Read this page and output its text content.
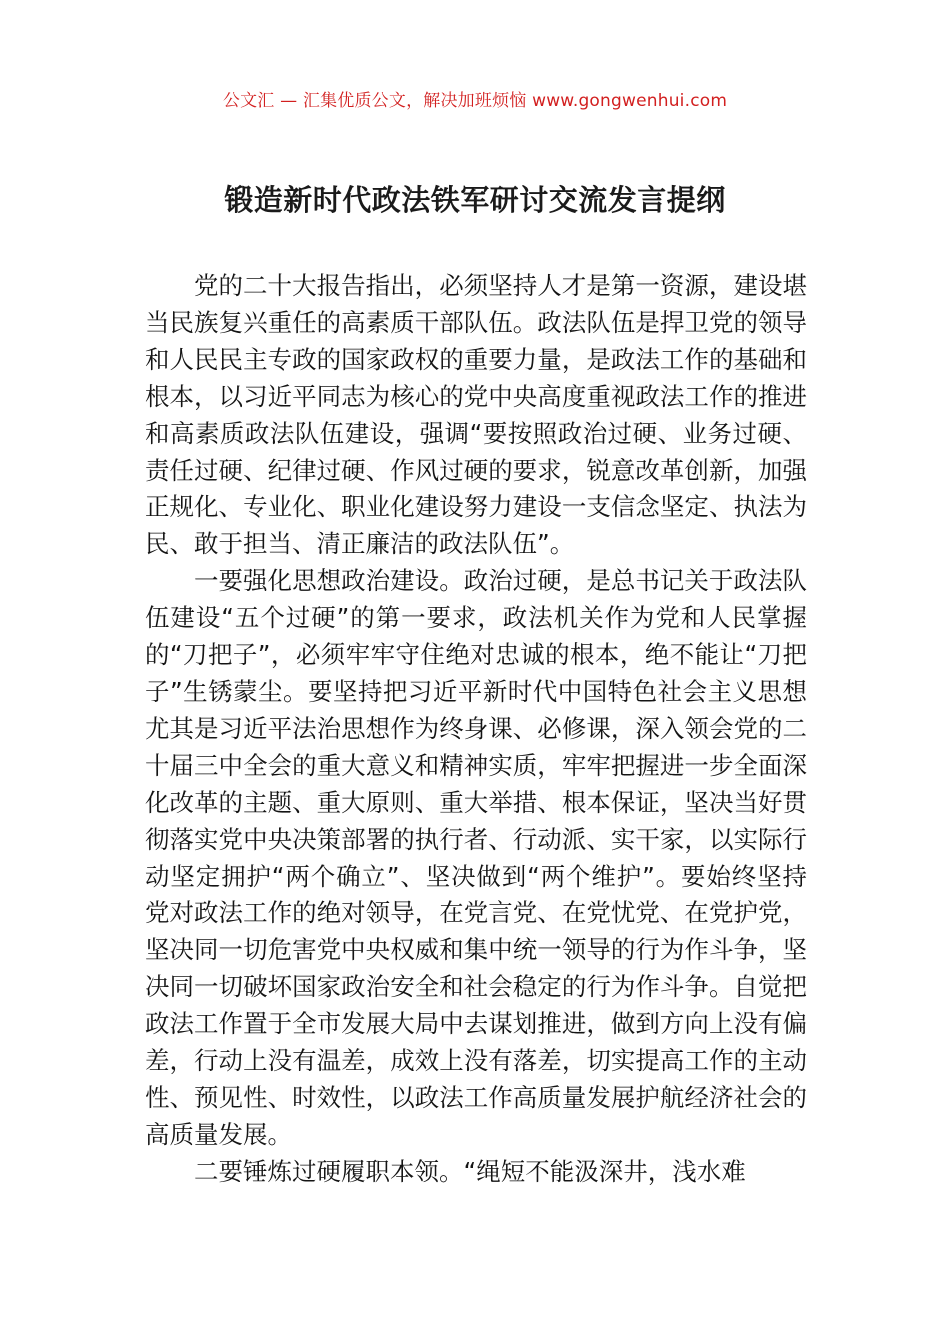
公文汇 — 汇集优质公文，解决加班烦恼 www.gongwenhui.com
锻造新时代政法铁军研讨交流发言提纲

党的二十大报告指出，必须坚持人才是第一资源，建设堪当民族复兴重任的高素质干部队伍。政法队伍是捍卫党的领导和人民民主专政的国家政权的重要力量，是政法工作的基础和根本，以习近平同志为核心的党中央高度重视政法工作的推进和高素质政法队伍建设，强调“要按照政治过硬、业务过硬、责任过硬、纪律过硬、作风过硬的要求，锐意改革创新，加强正规化、专业化、职业化建设努力建设一支信念坚定、执法为民、敢于担当、清正廉洁的政法队伍”。

一要强化思想政治建设。政治过硬，是总书记关于政法队伍建设“五个过硬”的第一要求，政法机关作为党和人民掌握的“刀把子”，必须牢牢守住绝对忠诚的根本，绝不能让“刀把子”生锈蒙尘。要坚持把习近平新时代中国特色社会主义思想尤其是习近平法治思想作为终身课、必修课，深入领会党的二十届三中全会的重大意义和精神实质，牢牢把握进一步全面深化改革的主题、重大原则、重大举措、根本保证，坚决当好贯彻落实党中央决策部署的执行者、行动派、实干家，以实际行动坚定拥护“两个确立”、坚决做到“两个维护”。要始终坚持党对政法工作的绝对领导，在党言党、在党忧党、在党护党，坚决同一切危害党中央权威和集中统一领导的行为作斗争，坚决同一切破坏国家政治安全和社会稳定的行为作斗争。自觉把政法工作置于全市发展大局中去谋划推进，做到方向上没有偏差，行动上没有温差，成效上没有落差，切实提高工作的主动性、预见性、时效性，以政法工作高质量发展护航经济社会的高质量发展。

二要锤炼过硬履职本领。“绳短不能汲深井，浅水难
